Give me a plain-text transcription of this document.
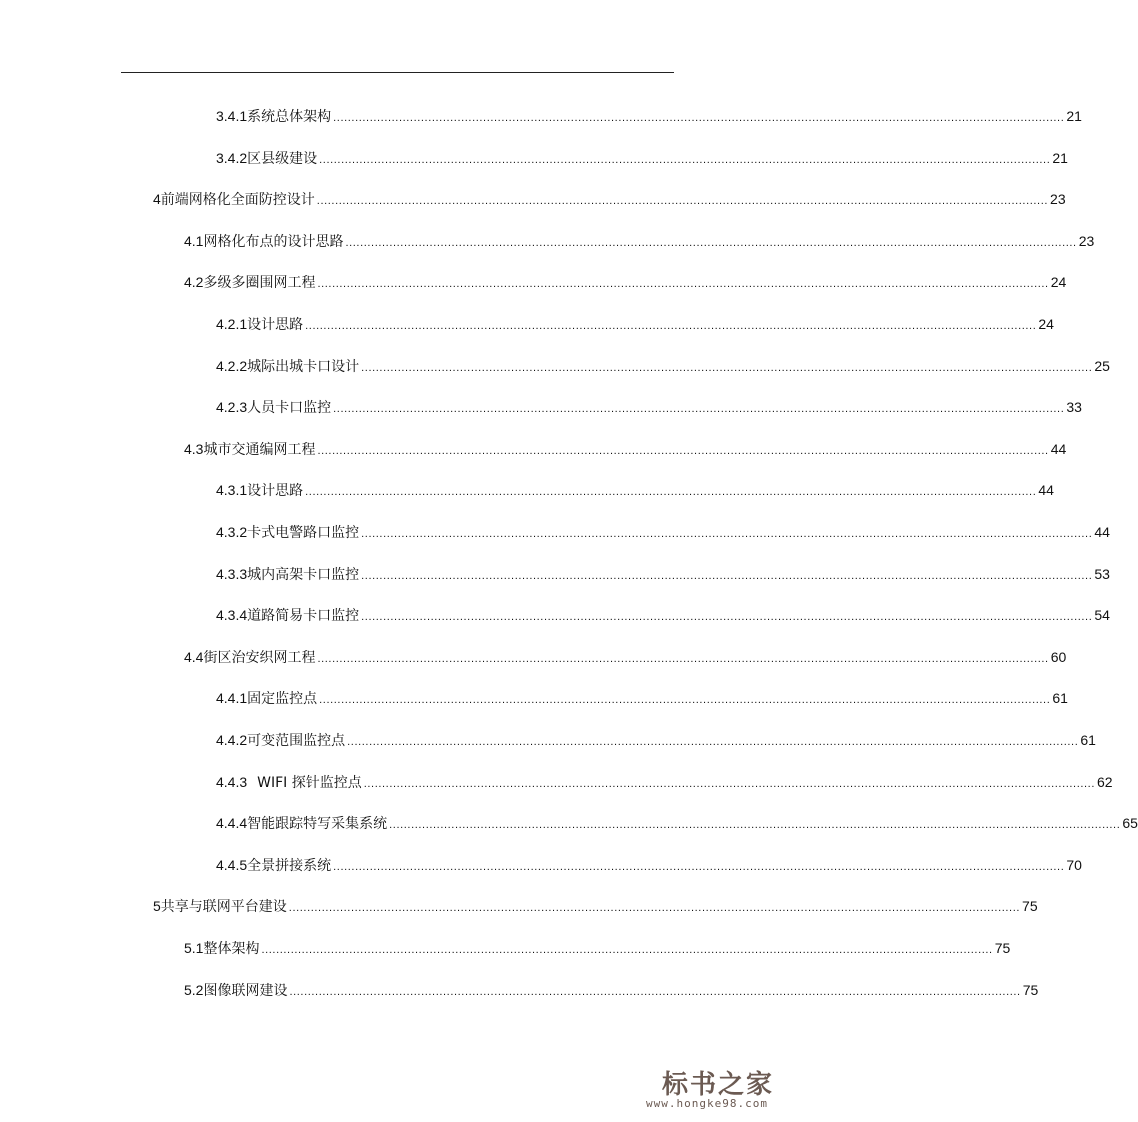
3.4.1 系统总体架构 ........................................................................................................................................................................................................ 21
3.4.2 区县级建设 ........................................................................................................................................................................................................ 21
4 前端网格化全面防控设计 ........................................................................................................................................................................................................ 23
4.1 网格化布点的设计思路 ........................................................................................................................................................................................................ 23
4.2 多级多圈围网工程 ........................................................................................................................................................................................................ 24
4.2.1 设计思路 ........................................................................................................................................................................................................ 24
4.2.2 城际出城卡口设计 ........................................................................................................................................................................................................ 25
4.2.3 人员卡口监控 ........................................................................................................................................................................................................ 33
4.3 城市交通编网工程 ........................................................................................................................................................................................................ 44
4.3.1 设计思路 ........................................................................................................................................................................................................ 44
4.3.2 卡式电警路口监控 ........................................................................................................................................................................................................ 44
4.3.3 城内高架卡口监控 ........................................................................................................................................................................................................ 53
4.3.4 道路简易卡口监控 ........................................................................................................................................................................................................ 54
4.4 街区治安织网工程 ........................................................................................................................................................................................................ 60
4.4.1 固定监控点 ........................................................................................................................................................................................................ 61
4.4.2 可变范围监控点 ........................................................................................................................................................................................................ 61
4.4.3 WIFI 探针监控点 ........................................................................................................................................................................................................ 62
4.4.4 智能跟踪特写采集系统 ........................................................................................................................................................................................................ 65
4.4.5 全景拼接系统 ........................................................................................................................................................................................................ 70
5 共享与联网平台建设 ........................................................................................................................................................................................................ 75
5.1 整体架构 ........................................................................................................................................................................................................ 75
5.2 图像联网建设 ........................................................................................................................................................................................................ 75
标书之家
www.hongke98.com
